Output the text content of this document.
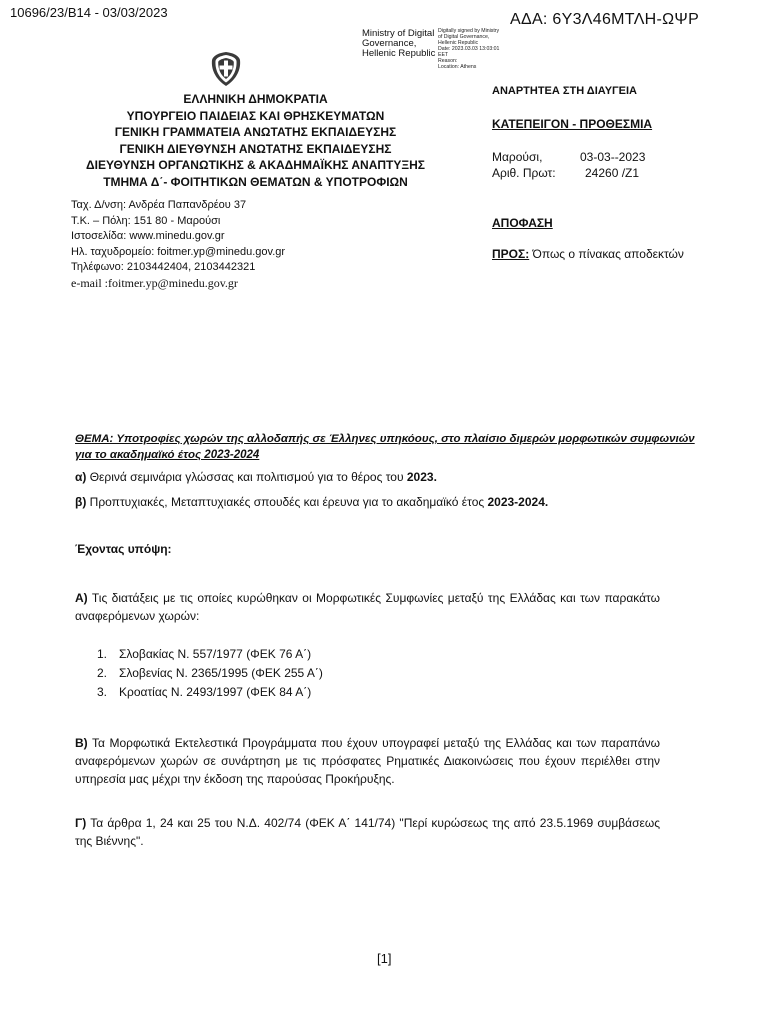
10696/23/B14 - 03/03/2023	ΑΔΑ: 6Υ3Λ46ΜΤΛΗ-ΩΨΡ
Ministry of Digital
Governance,
Hellenic Republic
Digitally signed by Ministry
of Digital Governance,
Hellenic Republic
Date: 2023.03.03 13:03:01
EET
Reason:
Location: Athens
ΕΛΛΗΝΙΚΗ ΔΗΜΟΚΡΑΤΙΑ
ΥΠΟΥΡΓΕΙΟ ΠΑΙΔΕΙΑΣ ΚΑΙ ΘΡΗΣΚΕΥΜΑΤΩΝ
ΓΕΝΙΚΗ ΓΡΑΜΜΑΤΕΙΑ ΑΝΩΤΑΤΗΣ ΕΚΠΑΙΔΕΥΣΗΣ
ΓΕΝΙΚΗ ΔΙΕΥΘΥΝΣΗ ΑΝΩΤΑΤΗΣ ΕΚΠΑΙΔΕΥΣΗΣ
ΔΙΕΥΘΥΝΣΗ ΟΡΓΑΝΩΤΙΚΗΣ & ΑΚΑΔΗΜΑΪΚΗΣ ΑΝΑΠΤΥΞΗΣ
ΤΜΗΜΑ Δ΄- ΦΟΙΤΗΤΙΚΩΝ ΘΕΜΑΤΩΝ & ΥΠΟΤΡΟΦΙΩΝ
Ταχ. Δ/νση: Ανδρέα Παπανδρέου 37
Τ.Κ. – Πόλη: 151 80 - Μαρούσι
Ιστοσελίδα: www.minedu.gov.gr
Ηλ. ταχυδρομείο: foitmer.yp@minedu.gov.gr
Τηλέφωνο: 2103442404, 2103442321
e-mail :foitmer.yp@minedu.gov.gr
ΑΝΑΡΤΗΤΕΑ ΣΤΗ ΔΙΑΥΓΕΙΑ
ΚΑΤΕΠΕΙΓΟΝ - ΠΡΟΘΕΣΜΙΑ
Μαρούσι,	03-03--2023
Αριθ. Πρωτ: 24260 /Ζ1
ΑΠΟΦΑΣΗ
ΠΡΟΣ: Όπως ο πίνακας αποδεκτών
ΘΕΜΑ: Υποτροφίες χωρών της αλλοδαπής σε Έλληνες υπηκόους, στο πλαίσιο διμερών μορφωτικών συμφωνιών για το ακαδημαϊκό έτος 2023-2024
α) Θερινά σεμινάρια γλώσσας και πολιτισμού για το θέρος του 2023.
β) Προπτυχιακές, Μεταπτυχιακές σπουδές και έρευνα για το ακαδημαϊκό έτος 2023-2024.
Έχοντας υπόψη:
Α) Τις διατάξεις με τις οποίες κυρώθηκαν οι Μορφωτικές Συμφωνίες μεταξύ της Ελλάδας και των παρακάτω αναφερόμενων χωρών:
1. Σλοβακίας Ν. 557/1977 (ΦΕΚ 76 Α΄)
2. Σλοβενίας Ν. 2365/1995 (ΦΕΚ 255 Α΄)
3. Κροατίας Ν. 2493/1997 (ΦΕΚ 84 Α΄)
Β) Τα Μορφωτικά Εκτελεστικά Προγράμματα που έχουν υπογραφεί μεταξύ της Ελλάδας και των παραπάνω αναφερόμενων χωρών σε συνάρτηση με τις πρόσφατες Ρηματικές Διακοινώσεις που έχουν περιέλθει στην υπηρεσία μας μέχρι την έκδοση της παρούσας Προκήρυξης.
Γ) Τα άρθρα 1, 24 και 25 του Ν.Δ. 402/74 (ΦΕΚ Α΄ 141/74) "Περί κυρώσεως της από 23.5.1969 συμβάσεως της Βιέννης".
[1]
